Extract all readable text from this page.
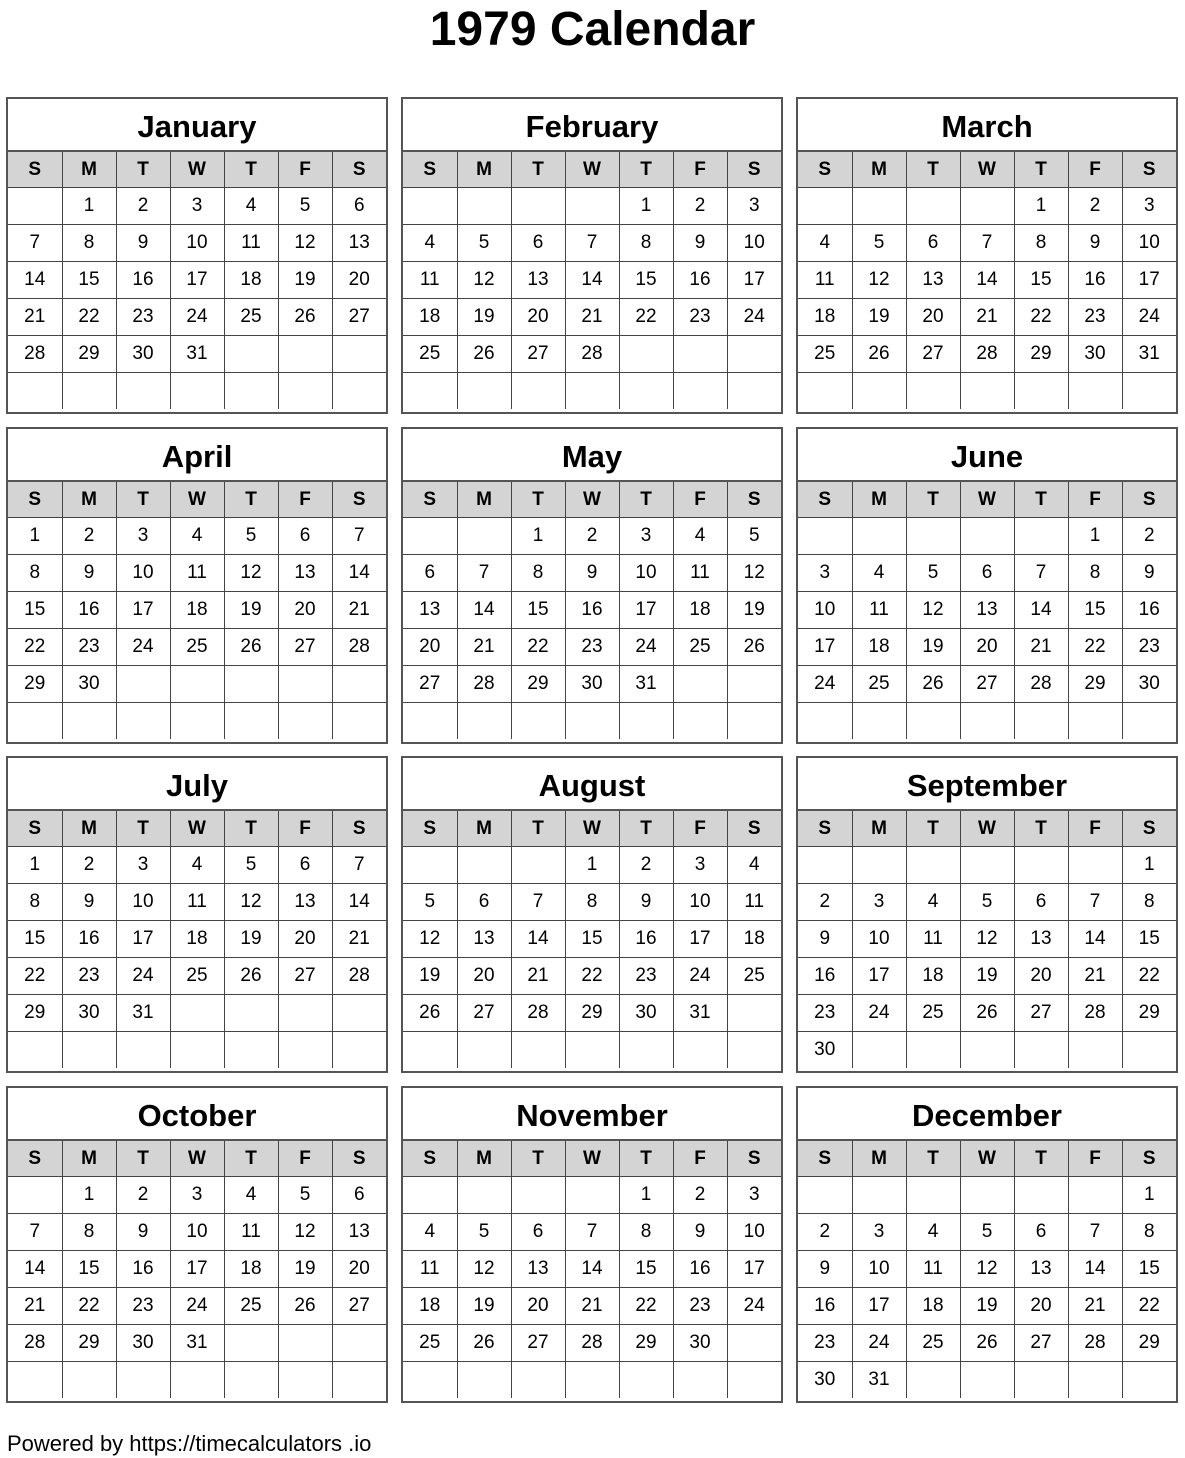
1979 Calendar
January
S	M	T	W	T	F	S
	1	2	3	4	5	6
7	8	9	10	11	12	13
14	15	16	17	18	19	20
21	22	23	24	25	26	27
28	29	30	31			

February
S	M	T	W	T	F	S
				1	2	3
4	5	6	7	8	9	10
11	12	13	14	15	16	17
18	19	20	21	22	23	24
25	26	27	28			

March
S	M	T	W	T	F	S
				1	2	3
4	5	6	7	8	9	10
11	12	13	14	15	16	17
18	19	20	21	22	23	24
25	26	27	28	29	30	31

April
S	M	T	W	T	F	S
1	2	3	4	5	6	7
8	9	10	11	12	13	14
15	16	17	18	19	20	21
22	23	24	25	26	27	28
29	30					

May
S	M	T	W	T	F	S
		1	2	3	4	5
6	7	8	9	10	11	12
13	14	15	16	17	18	19
20	21	22	23	24	25	26
27	28	29	30	31		

June
S	M	T	W	T	F	S
					1	2
3	4	5	6	7	8	9
10	11	12	13	14	15	16
17	18	19	20	21	22	23
24	25	26	27	28	29	30

July
S	M	T	W	T	F	S
1	2	3	4	5	6	7
8	9	10	11	12	13	14
15	16	17	18	19	20	21
22	23	24	25	26	27	28
29	30	31				

August
S	M	T	W	T	F	S
			1	2	3	4
5	6	7	8	9	10	11
12	13	14	15	16	17	18
19	20	21	22	23	24	25
26	27	28	29	30	31	

September
S	M	T	W	T	F	S
						1
2	3	4	5	6	7	8
9	10	11	12	13	14	15
16	17	18	19	20	21	22
23	24	25	26	27	28	29
30						
October
S	M	T	W	T	F	S
	1	2	3	4	5	6
7	8	9	10	11	12	13
14	15	16	17	18	19	20
21	22	23	24	25	26	27
28	29	30	31			

November
S	M	T	W	T	F	S
				1	2	3
4	5	6	7	8	9	10
11	12	13	14	15	16	17
18	19	20	21	22	23	24
25	26	27	28	29	30	

December
S	M	T	W	T	F	S
						1
2	3	4	5	6	7	8
9	10	11	12	13	14	15
16	17	18	19	20	21	22
23	24	25	26	27	28	29
30	31					
Powered by https://timecalculators .io
